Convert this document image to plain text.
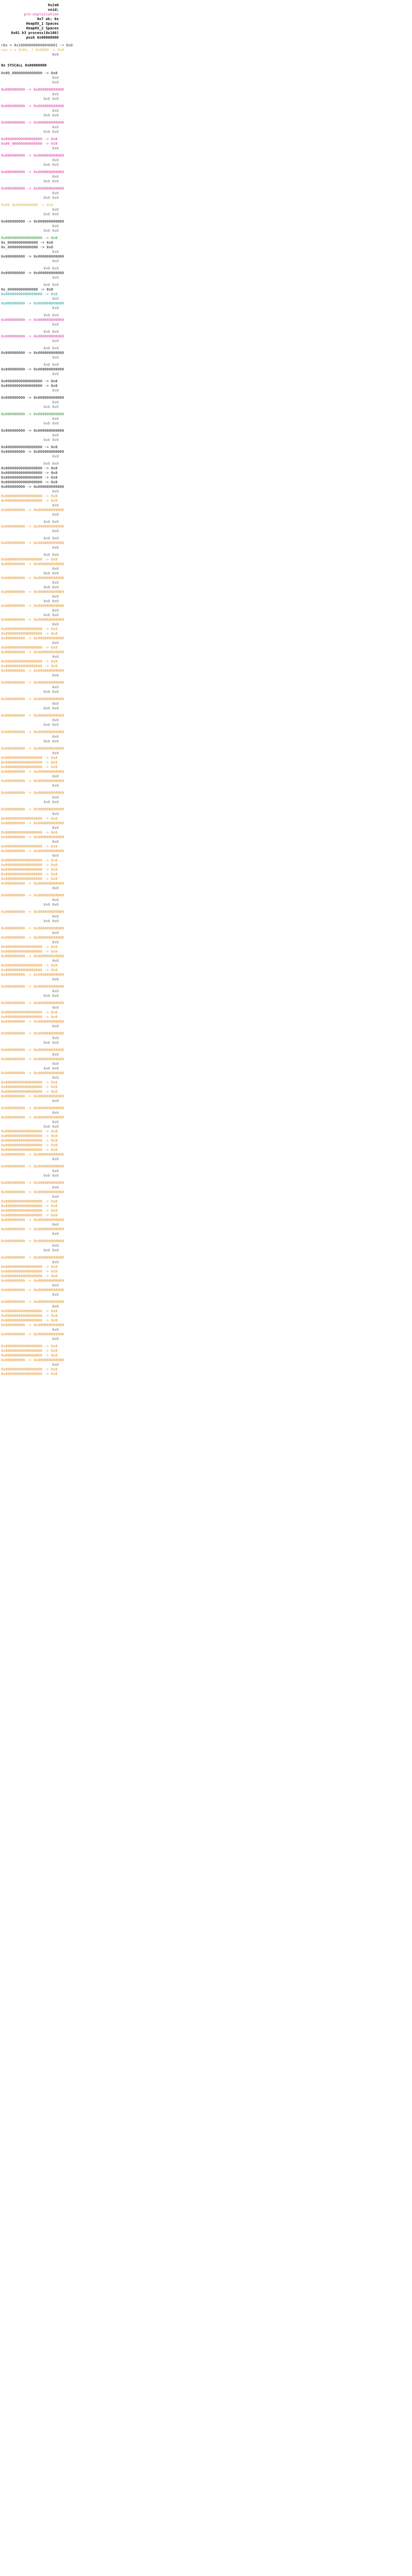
0x2a0
void;
pre-exploitation
0x7 ok; 0x
Heap8X_1 Spaces
Heap8X_2 Spaces
0x01 h3 process[0x100]
push 0x00000000
rbx = 0x100000000000040001 -> 0x0
rax = x_0x0a_ / 0x0000 -> 0x0
0x0
0x SYSCALL 0x00000000
0x00_00000000000000 -> 0x0
0x0
0x0
0x000000000 -> 0x000000000000
0x0
0x0 0x0
0x000000000 -> 0x000000000000
0x0
0x0 0x0
0x000000000 -> 0x000000000000
0x0
0x0 0x0
0x00000000000000000 -> 0x0
0x00_00000000000000 -> 0x0
0x0
0x000000000 -> 0x000000000000
0x0
0x0 0x0
0x000000000 -> 0x000000000000
0x0
0x0 0x0
0x000000000 -> 0x000000000000
0x0
0x0 0x0
0x00 0x0000000000 -> 0x0
0x0
0x0 0x0
0x000000000 -> 0x000000000000
0x0
0x0 0x0
0x00000000000000000 -> 0x0
0x_00000000000000 -> 0x0
0x_00000000000000 -> 0x0
0x0
0x000000000 -> 0x000000000000
0x0
0x0 0x0
0x000000000 -> 0x000000000000
0x0
0x0 0x0
0x_00000000000000 -> 0x0
0x00000000000000000 -> 0x0
0x0
0x000000000 -> 0x000000000000
0x0
0x0 0x0
0x000000000 -> 0x000000000000
0x0
0x0 0x0
0x000000000 -> 0x000000000000
0x0
0x0 0x0
0x000000000 -> 0x000000000000
0x0
0x0 0x0
0x000000000 -> 0x000000000000
0x0
0x00000000000000000 -> 0x0
0x00000000000000000 -> 0x0
0x0
0x000000000 -> 0x000000000000
0x0
0x0 0x0
0x000000000 -> 0x000000000000
0x0
0x0 0x0
0x000000000 -> 0x000000000000
0x0
0x0 0x0
0x00000000000000000 -> 0x0
0x000000000 -> 0x000000000000
0x0
0x0 0x0
0x00000000000000000 -> 0x0
0x00000000000000000 -> 0x0
0x00000000000000000 -> 0x0
0x00000000000000000 -> 0x0
0x000000000 -> 0x000000000000
0x0
0x00000000000000000 -> 0x0
0x00000000000000000 -> 0x0
0x0
0x000000000 -> 0x000000000000
0x0
0x0 0x0
0x000000000 -> 0x000000000000
0x0
0x0 0x0
0x000000000 -> 0x000000000000
0x0
0x0 0x0
0x00000000000000000 -> 0x0
0x000000000 -> 0x000000000000
0x0
0x0 0x0
0x000000000 -> 0x000000000000
0x0
0x0 0x0
0x000000000 -> 0x000000000000
0x0
0x0 0x0
0x000000000 -> 0x000000000000
0x0
0x0 0x0
0x000000000 -> 0x000000000000
0x0
0x00000000000000000 -> 0x0
0x00000000000000000 -> 0x0
0x000000000 -> 0x000000000000
0x0
0x00000000000000000 -> 0x0
0x000000000 -> 0x000000000000
0x0
0x00000000000000000 -> 0x0
0x00000000000000000 -> 0x0
0x000000000 -> 0x000000000000
0x0
0x000000000 -> 0x000000000000
0x0
0x0 0x0
0x000000000 -> 0x000000000000
0x0
0x0 0x0
0x000000000 -> 0x000000000000
0x0
0x0 0x0
0x000000000 -> 0x000000000000
0x0
0x0 0x0
0x000000000 -> 0x000000000000
0x0
0x00000000000000000 -> 0x0
0x00000000000000000 -> 0x0
0x00000000000000000 -> 0x0
0x000000000 -> 0x000000000000
0x0
0x000000000 -> 0x000000000000
0x0
0x000000000 -> 0x000000000000
0x0
0x0 0x0
0x000000000 -> 0x000000000000
0x0
0x00000000000000000 -> 0x0
0x000000000 -> 0x000000000000
0x0
0x00000000000000000 -> 0x0
0x000000000 -> 0x000000000000
0x0
0x00000000000000000 -> 0x0
0x000000000 -> 0x000000000000
0x0
0x00000000000000000 -> 0x0
0x00000000000000000 -> 0x0
0x00000000000000000 -> 0x0
0x00000000000000000 -> 0x0
0x00000000000000000 -> 0x0
0x000000000 -> 0x000000000000
0x0
0x000000000 -> 0x000000000000
0x0
0x0 0x0
0x000000000 -> 0x000000000000
0x0
0x0 0x0
0x000000000 -> 0x000000000000
0x0
0x000000000 -> 0x000000000000
0x0
0x00000000000000000 -> 0x0
0x00000000000000000 -> 0x0
0x000000000 -> 0x000000000000
0x0
0x00000000000000000 -> 0x0
0x00000000000000000 -> 0x0
0x000000000 -> 0x000000000000
0x0
0x000000000 -> 0x000000000000
0x0
0x0 0x0
0x000000000 -> 0x000000000000
0x0
0x00000000000000000 -> 0x0
0x00000000000000000 -> 0x0
0x000000000 -> 0x000000000000
0x0
0x000000000 -> 0x000000000000
0x0
0x0 0x0
0x000000000 -> 0x000000000000
0x0
0x000000000 -> 0x000000000000
0x0
0x0 0x0
0x000000000 -> 0x000000000000
0x0
0x00000000000000000 -> 0x0
0x00000000000000000 -> 0x0
0x00000000000000000 -> 0x0
0x000000000 -> 0x000000000000
0x0
0x000000000 -> 0x000000000000
0x0
0x000000000 -> 0x000000000000
0x0
0x0 0x0
0x00000000000000000 -> 0x0
0x00000000000000000 -> 0x0
0x00000000000000000 -> 0x0
0x00000000000000000 -> 0x0
0x00000000000000000 -> 0x0
0x000000000 -> 0x000000000000
0x0
0x000000000 -> 0x000000000000
0x0
0x0 0x0
0x000000000 -> 0x000000000000
0x0
0x000000000 -> 0x000000000000
0x0
0x00000000000000000 -> 0x0
0x00000000000000000 -> 0x0
0x00000000000000000 -> 0x0
0x00000000000000000 -> 0x0
0x000000000 -> 0x000000000000
0x0
0x000000000 -> 0x000000000000
0x0
0x000000000 -> 0x000000000000
0x0
0x0 0x0
0x000000000 -> 0x000000000000
0x0
0x00000000000000000 -> 0x0
0x00000000000000000 -> 0x0
0x00000000000000000 -> 0x0
0x000000000 -> 0x000000000000
0x0
0x000000000 -> 0x000000000000
0x0
0x000000000 -> 0x000000000000
0x0
0x00000000000000000 -> 0x0
0x00000000000000000 -> 0x0
0x00000000000000000 -> 0x0
0x000000000 -> 0x000000000000
0x0
0x000000000 -> 0x000000000000
0x0
0x00000000000000000 -> 0x0
0x00000000000000000 -> 0x0
0x00000000000000000 -> 0x0
0x000000000 -> 0x000000000000
0x0
0x00000000000000000 -> 0x0
0x00000000000000000 -> 0x0
